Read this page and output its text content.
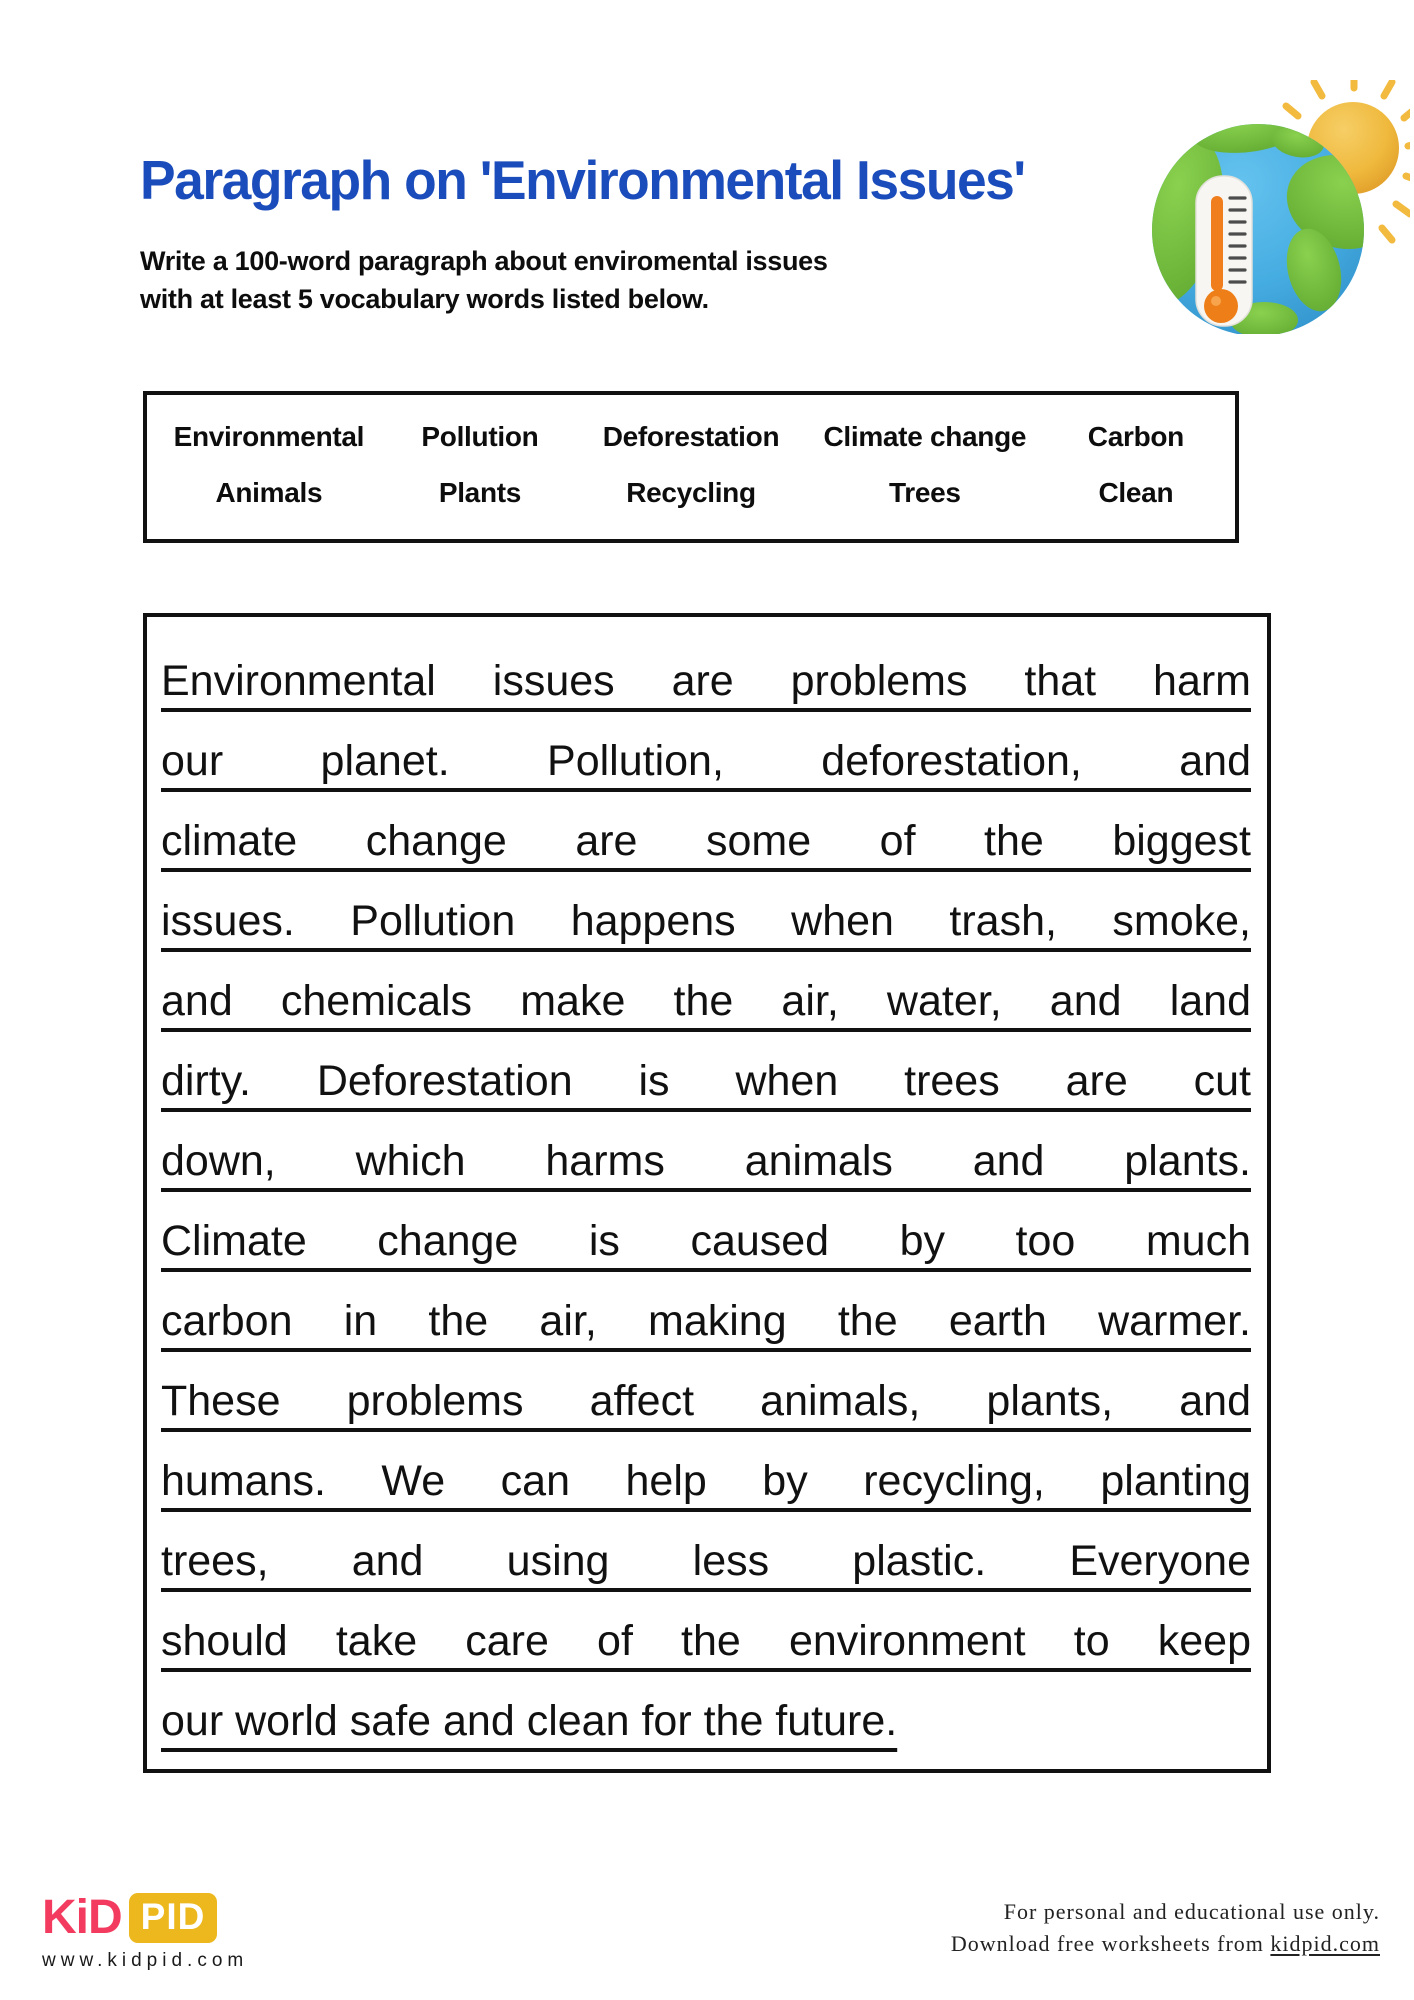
Paragraph on 'Environmental Issues'
Write a 100-word paragraph about enviromental issues
with at least 5 vocabulary words listed below.
Environmental	Pollution	Deforestation	Climate change	Carbon
Animals	Plants	Recycling	Trees	Clean
Environmental issues are problems that harm
our planet. Pollution, deforestation, and
climate change are some of the biggest
issues. Pollution happens when trash, smoke,
and chemicals make the air, water, and land
dirty. Deforestation is when trees are cut
down, which harms animals and plants.
Climate change is caused by too much
carbon in the air, making the earth warmer.
These problems affect animals, plants, and
humans. We can help by recycling, planting
trees, and using less plastic. Everyone
should take care of the environment to keep
our world safe and clean for the future.
KiD PID
www.kidpid.com
For personal and educational use only.
Download free worksheets from kidpid.com
